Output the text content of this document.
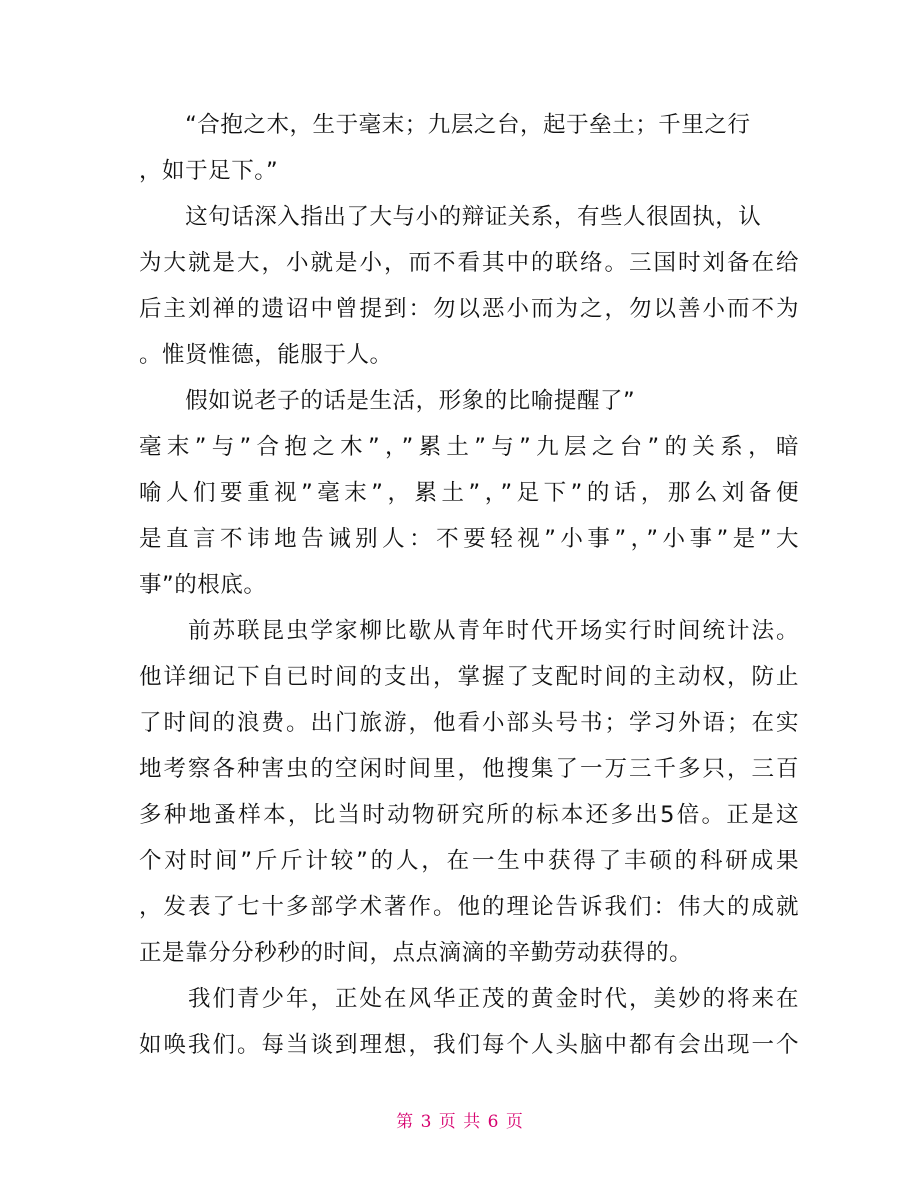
　　“合抱之木，生于毫末；九层之台，起于垒土；千里之行
，如于足下。”
　　这句话深入指出了大与小的辩证关系，有些人很固执，认
为大就是大，小就是小，而不看其中的联络。三国时刘备在给
后主刘禅的遗诏中曾提到：勿以恶小而为之，勿以善小而不为
。惟贤惟德，能服于人。
　　假如说老子的话是生活，形象的比喻提醒了”
毫末”与”合抱之木”，”累土”与”九层之台”的关系，暗
喻人们要重视”毫末”，累土”，”足下”的话，那么刘备便
是直言不讳地告诫别人：不要轻视”小事”，”小事”是”大
事”的根底。
　　前苏联昆虫学家柳比歇从青年时代开场实行时间统计法。
他详细记下自已时间的支出，掌握了支配时间的主动权，防止
了时间的浪费。出门旅游，他看小部头号书；学习外语；在实
地考察各种害虫的空闲时间里，他搜集了一万三千多只，三百
多种地蚤样本，比当时动物研究所的标本还多出5倍。正是这
个对时间”斤斤计较”的人，在一生中获得了丰硕的科研成果
，发表了七十多部学术著作。他的理论告诉我们：伟大的成就
正是靠分分秒秒的时间，点点滴滴的辛勤劳动获得的。
　　我们青少年，正处在风华正茂的黄金时代，美妙的将来在
如唤我们。每当谈到理想，我们每个人头脑中都有会出现一个
第 3 页 共 6 页
